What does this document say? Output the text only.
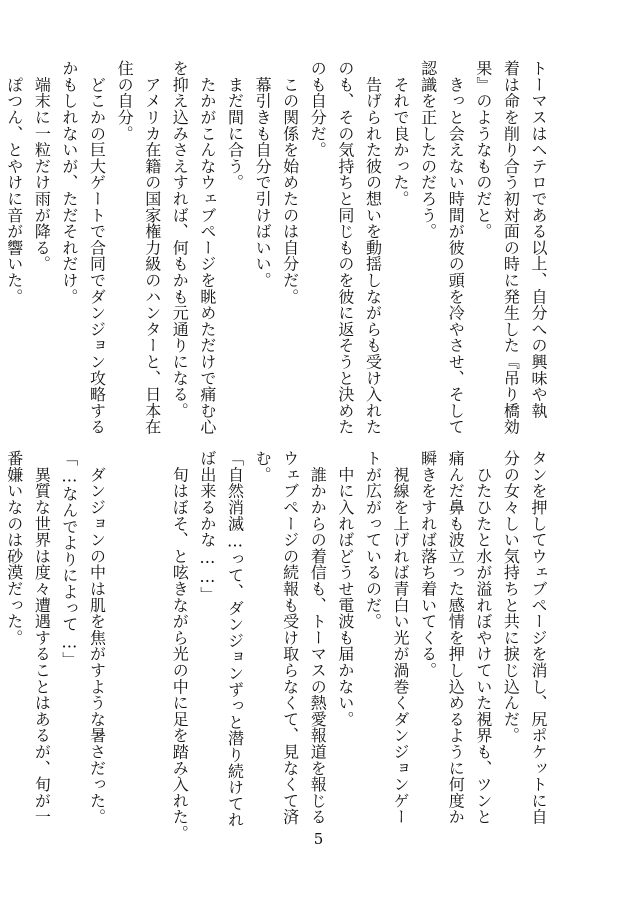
トーマスはヘテロである以上、自分への興味や執
着は命を削り合う初対面の時に発生した『吊り橋効
果』のようなものだと。
　きっと会えない時間が彼の頭を冷やさせ、そして
認識を正したのだろう。
　それで良かった。
　告げられた彼の想いを動揺しながらも受け入れた
のも、その気持ちと同じものを彼に返そうと決めた
のも自分だ。
　この関係を始めたのは自分だ。
　幕引きも自分で引けばいい。
　まだ間に合う。
　たかがこんなウェブページを眺めただけで痛む心
を抑え込みさえすれば、何もかも元通りになる。
　アメリカ在籍の国家権力級のハンターと、日本在
住の自分。
　どこかの巨大ゲートで合同でダンジョン攻略する
かもしれないが、ただそれだけ。
　端末に一粒だけ雨が降る。
　ぽつん、とやけに音が響いた。
タンを押してウェブページを消し、尻ポケットに自
分の女々しい気持ちと共に捩じ込んだ。
　ひたひたと水が溢れぼやけていた視界も、ツンと
痛んだ鼻も波立った感情を押し込めるように何度か
瞬きをすれば落ち着いてくる。
　視線を上げれば青白い光が渦巻くダンジョンゲー
トが広がっているのだ。
　中に入ればどうせ電波も届かない。
　誰かからの着信も、トーマスの熱愛報道を報じる
ウェブページの続報も受け取らなくて、見なくて済
む。
「自然消滅…って、ダンジョンずっと潜り続けてれ
ば出来るかな……」
　旬はぼそ、と呟きながら光の中に足を踏み入れた。

　ダンジョンの中は肌を焦がすような暑さだった。
「…なんでよりによって…」
　異質な世界は度々遭遇することはあるが、旬が一
番嫌いなのは砂漠だった。
5
